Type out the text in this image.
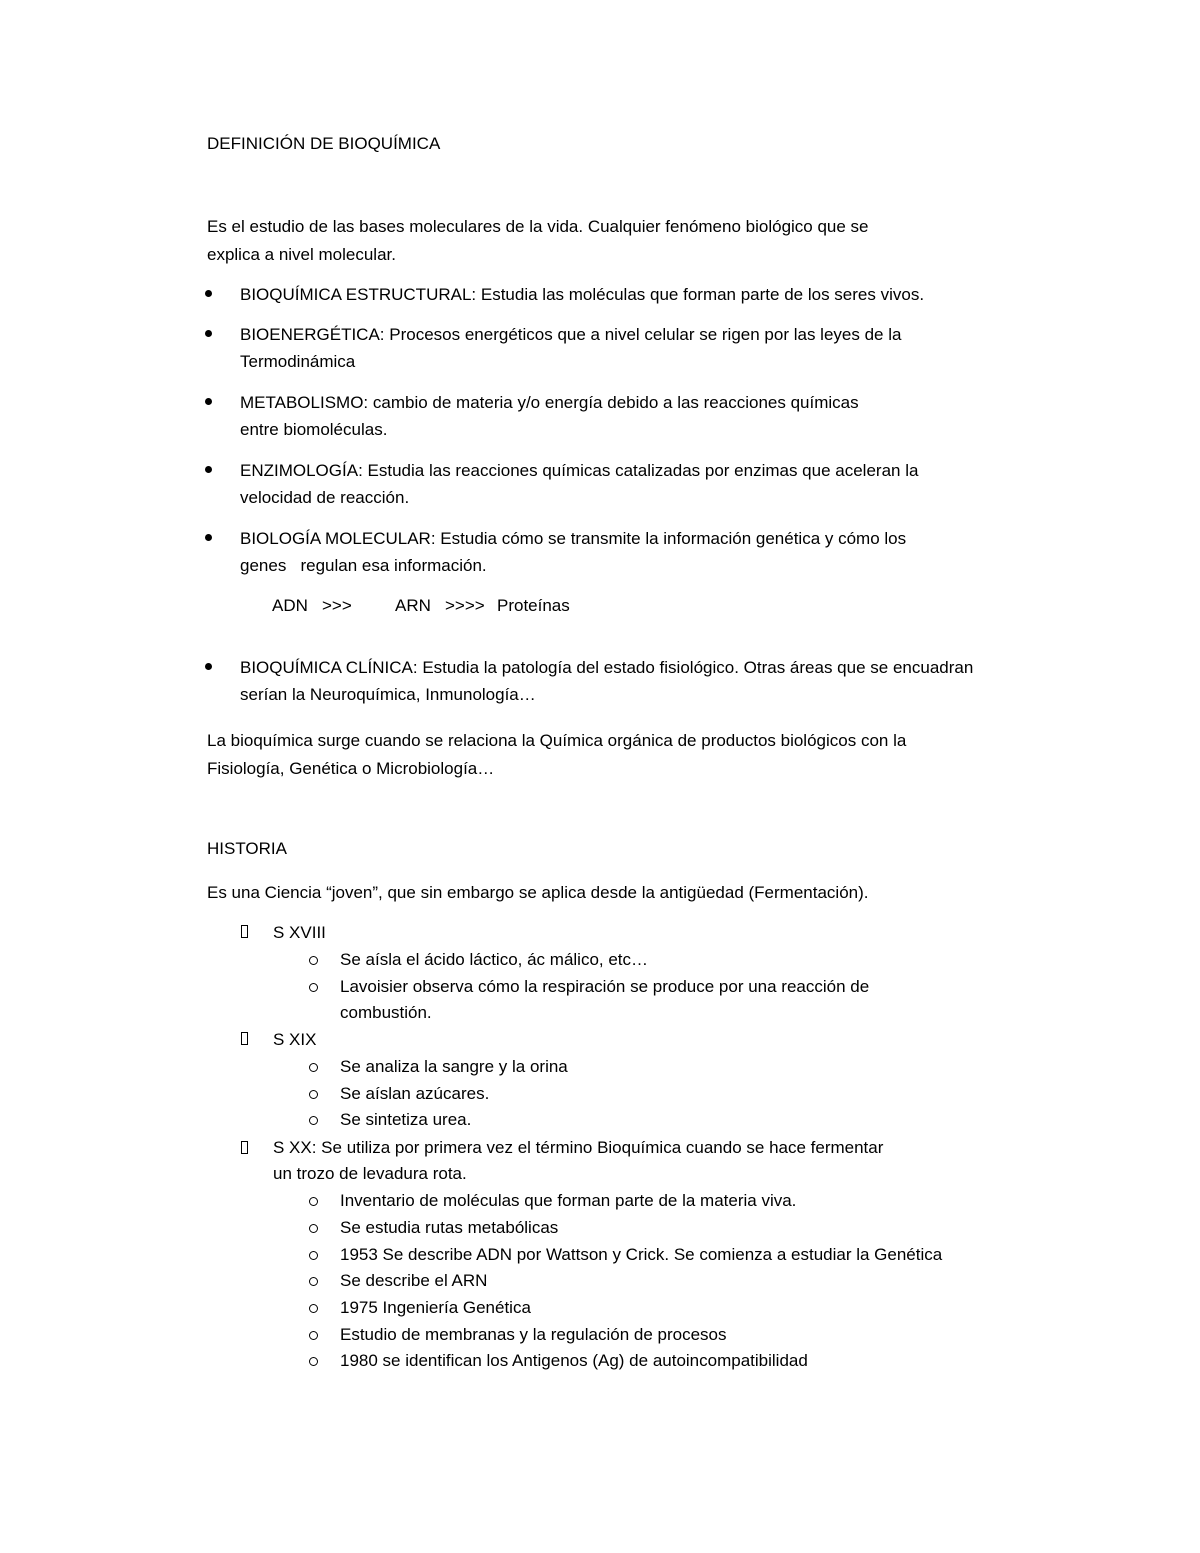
DEFINICIÓN DE BIOQUÍMICA
Es el estudio de las bases moleculares de la vida. Cualquier fenómeno biológico que se
explica a nivel molecular.
BIOQUÍMICA ESTRUCTURAL: Estudia las moléculas que forman parte de los seres vivos.
BIOENERGÉTICA: Procesos energéticos que a nivel celular se rigen por las leyes de la
Termodinámica
METABOLISMO: cambio de materia y/o energía debido a las reacciones químicas
entre biomoléculas.
ENZIMOLOGÍA: Estudia las reacciones químicas catalizadas por enzimas que aceleran la
velocidad de reacción.
BIOLOGÍA MOLECULAR: Estudia cómo se transmite la información genética y cómo los
genes   regulan esa información.
ADN >>>	ARN >>>> Proteínas
BIOQUÍMICA CLÍNICA: Estudia la patología del estado fisiológico. Otras áreas que se encuadran
serían la Neuroquímica, Inmunología…
La bioquímica surge cuando se relaciona la Química orgánica de productos biológicos con la
Fisiología, Genética o Microbiología…
HISTORIA
Es una Ciencia “joven”, que sin embargo se aplica desde la antigüedad (Fermentación).
S XVIII
Se aísla el ácido láctico, ác málico, etc…
Lavoisier observa cómo la respiración se produce por una reacción de
combustión.
S XIX
Se analiza la sangre y la orina
Se aíslan azúcares.
Se sintetiza urea.
S XX: Se utiliza por primera vez el término Bioquímica cuando se hace fermentar
un trozo de levadura rota.
Inventario de moléculas que forman parte de la materia viva.
Se estudia rutas metabólicas
1953 Se describe ADN por Wattson y Crick. Se comienza a estudiar la Genética
Se describe el ARN
1975 Ingeniería Genética
Estudio de membranas y la regulación de procesos
1980 se identifican los Antigenos (Ag) de autoincompatibilidad
